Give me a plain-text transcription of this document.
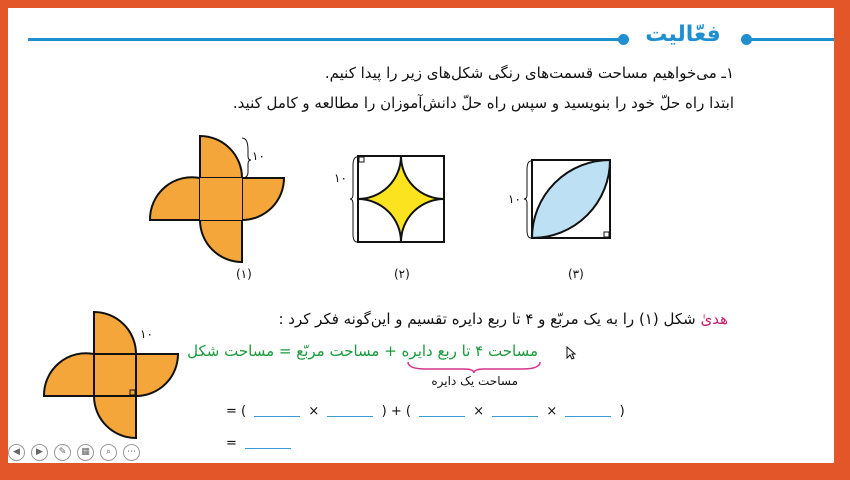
فعّالیت
۱ـ می‌خواهیم مساحت قسمت‌های رنگی شکل‌های زیر را پیدا کنیم.
ابتدا راه حلّ خود را بنویسید و سپس راه حلّ دانش‌آموزان را مطالعه و کامل کنید.
۱۰
(۱)
۱۰
(۲)
۱۰
(۳)
هدیٰ شکل (۱) را به یک مربّع و ۴ تا ربع دایره تقسیم و این‌گونه فکر کرد :
۱۰
مساحت ۴ تا ربع دایره + مساحت مربّع = مساحت شکل
مساحت یک دایره
= (	×	) + (	×	×	)
=
◀	▶	✎	▦	⌕	⋯
